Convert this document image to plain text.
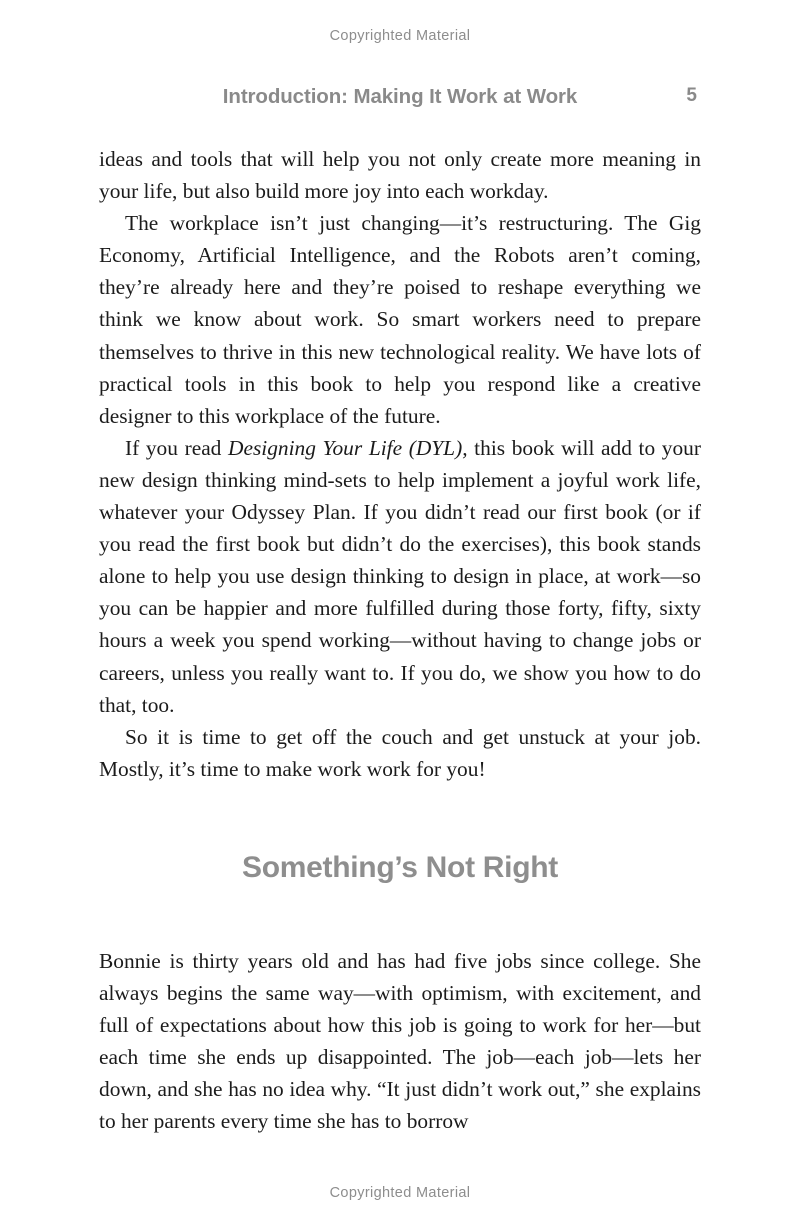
Copyrighted Material
Introduction: Making It Work at Work	5

ideas and tools that will help you not only create more meaning in your life, but also build more joy into each workday.

The workplace isn’t just changing—it’s restructuring. The Gig Economy, Artificial Intelligence, and the Robots aren’t coming, they’re already here and they’re poised to reshape everything we think we know about work. So smart workers need to prepare themselves to thrive in this new technological reality. We have lots of practical tools in this book to help you respond like a creative designer to this workplace of the future.

If you read Designing Your Life (DYL), this book will add to your new design thinking mind-sets to help implement a joyful work life, whatever your Odyssey Plan. If you didn’t read our first book (or if you read the first book but didn’t do the exercises), this book stands alone to help you use design thinking to design in place, at work—so you can be happier and more fulfilled during those forty, fifty, sixty hours a week you spend working—without having to change jobs or careers, unless you really want to. If you do, we show you how to do that, too.

So it is time to get off the couch and get unstuck at your job. Mostly, it’s time to make work work for you!

Something’s Not Right

Bonnie is thirty years old and has had five jobs since college. She always begins the same way—with optimism, with excitement, and full of expectations about how this job is going to work for her—but each time she ends up disappointed. The job—each job—lets her down, and she has no idea why. “It just didn’t work out,” she explains to her parents every time she has to borrow

Copyrighted Material
